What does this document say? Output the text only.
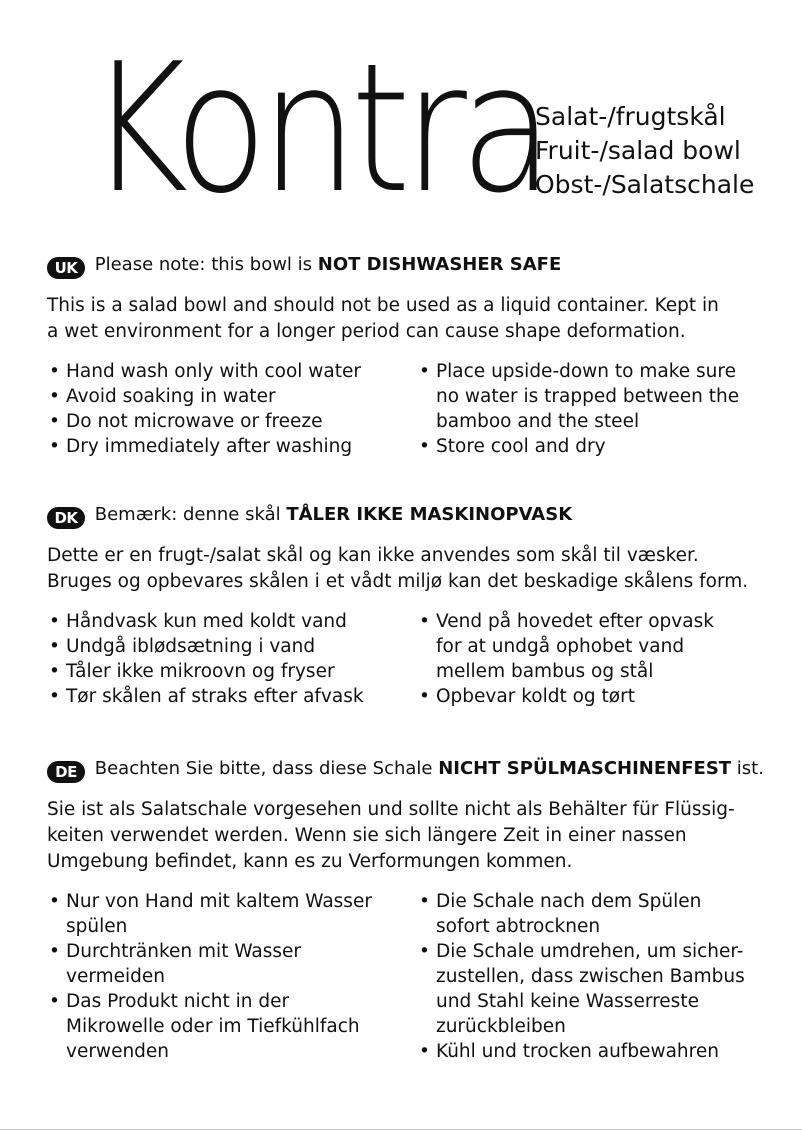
Kontra
Salat-/frugtskål
Fruit-/salad bowl
Obst-/Salatschale
UK Please note: this bowl is NOT DISHWASHER SAFE
This is a salad bowl and should not be used as a liquid container. Kept in
a wet environment for a longer period can cause shape deformation.
• Hand wash only with cool water
• Avoid soaking in water
• Do not microwave or freeze
• Dry immediately after washing
• Place upside-down to make sure
no water is trapped between the
bamboo and the steel
• Store cool and dry
DK Bemærk: denne skål TÅLER IKKE MASKINOPVASK
Dette er en frugt-/salat skål og kan ikke anvendes som skål til væsker.
Bruges og opbevares skålen i et vådt miljø kan det beskadige skålens form.
• Håndvask kun med koldt vand
• Undgå iblødsætning i vand
• Tåler ikke mikroovn og fryser
• Tør skålen af straks efter afvask
• Vend på hovedet efter opvask
for at undgå ophobet vand
mellem bambus og stål
• Opbevar koldt og tørt
DE Beachten Sie bitte, dass diese Schale NICHT SPÜLMASCHINENFEST ist.
Sie ist als Salatschale vorgesehen und sollte nicht als Behälter für Flüssig-
keiten verwendet werden. Wenn sie sich längere Zeit in einer nassen
Umgebung befindet, kann es zu Verformungen kommen.
• Nur von Hand mit kaltem Wasser
spülen
• Durchtränken mit Wasser
vermeiden
• Das Produkt nicht in der
Mikrowelle oder im Tiefkühlfach
verwenden
• Die Schale nach dem Spülen
sofort abtrocknen
• Die Schale umdrehen, um sicher-
zustellen, dass zwischen Bambus
und Stahl keine Wasserreste
zurückbleiben
• Kühl und trocken aufbewahren
